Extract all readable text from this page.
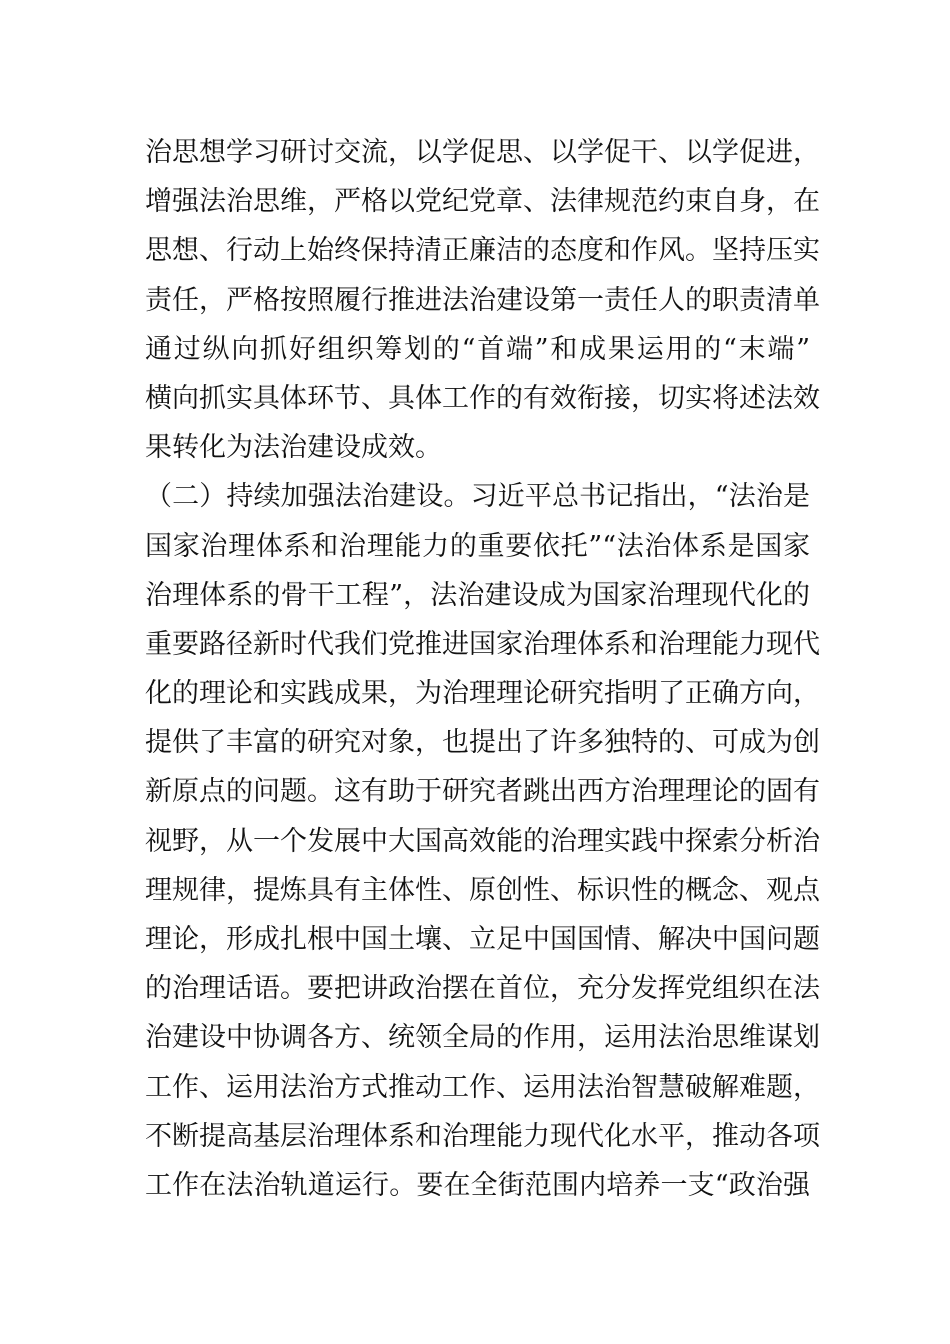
治思想学习研讨交流，以学促思、以学促干、以学促进，
增强法治思维，严格以党纪党章、法律规范约束自身，在
思想、行动上始终保持清正廉洁的态度和作风。坚持压实
责任，严格按照履行推进法治建设第一责任人的职责清单
通过纵向抓好组织筹划的“首端”和成果运用的“末端”
横向抓实具体环节、具体工作的有效衔接，切实将述法效
果转化为法治建设成效。
（二）持续加强法治建设。习近平总书记指出，“法治是
国家治理体系和治理能力的重要依托”“法治体系是国家
治理体系的骨干工程”，法治建设成为国家治理现代化的
重要路径新时代我们党推进国家治理体系和治理能力现代
化的理论和实践成果，为治理理论研究指明了正确方向，
提供了丰富的研究对象，也提出了许多独特的、可成为创
新原点的问题。这有助于研究者跳出西方治理理论的固有
视野，从一个发展中大国高效能的治理实践中探索分析治
理规律，提炼具有主体性、原创性、标识性的概念、观点
理论，形成扎根中国土壤、立足中国国情、解决中国问题
的治理话语。要把讲政治摆在首位，充分发挥党组织在法
治建设中协调各方、统领全局的作用，运用法治思维谋划
工作、运用法治方式推动工作、运用法治智慧破解难题，
不断提高基层治理体系和治理能力现代化水平，推动各项
工作在法治轨道运行。要在全街范围内培养一支“政治强
